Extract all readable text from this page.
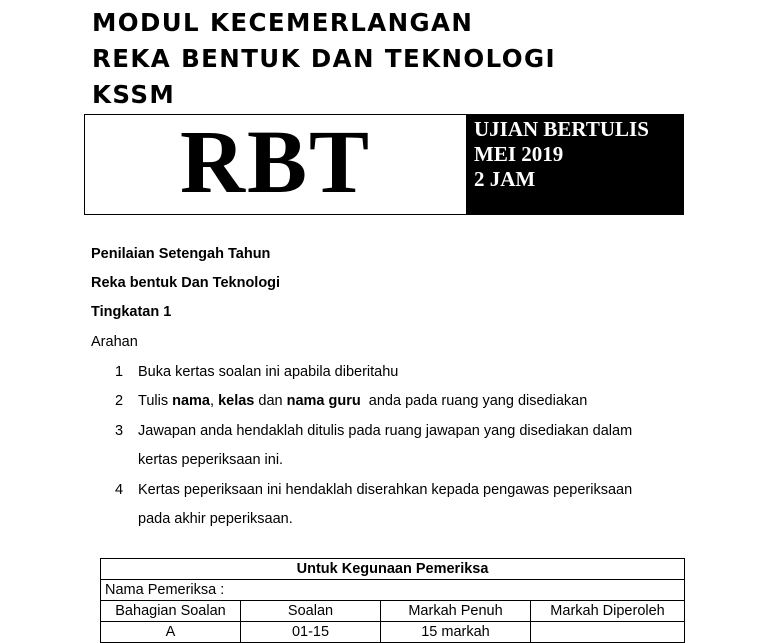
MODUL KECEMERLANGAN
REKA BENTUK DAN TEKNOLOGI
KSSM
RBT	UJIAN BERTULIS
MEI 2019
2 JAM
Penilaian Setengah Tahun
Reka bentuk Dan Teknologi
Tingkatan 1
Arahan
1 Buka kertas soalan ini apabila diberitahu
2 Tulis nama, kelas dan nama guru  anda pada ruang yang disediakan
3 Jawapan anda hendaklah ditulis pada ruang jawapan yang disediakan dalam
kertas peperiksaan ini.
4 Kertas peperiksaan ini hendaklah diserahkan kepada pengawas peperiksaan
pada akhir peperiksaan.
Untuk Kegunaan Pemeriksa			
Nama Pemeriksa :			
Bahagian Soalan	Soalan	Markah Penuh	Markah Diperoleh
A	01-15	15 markah	
